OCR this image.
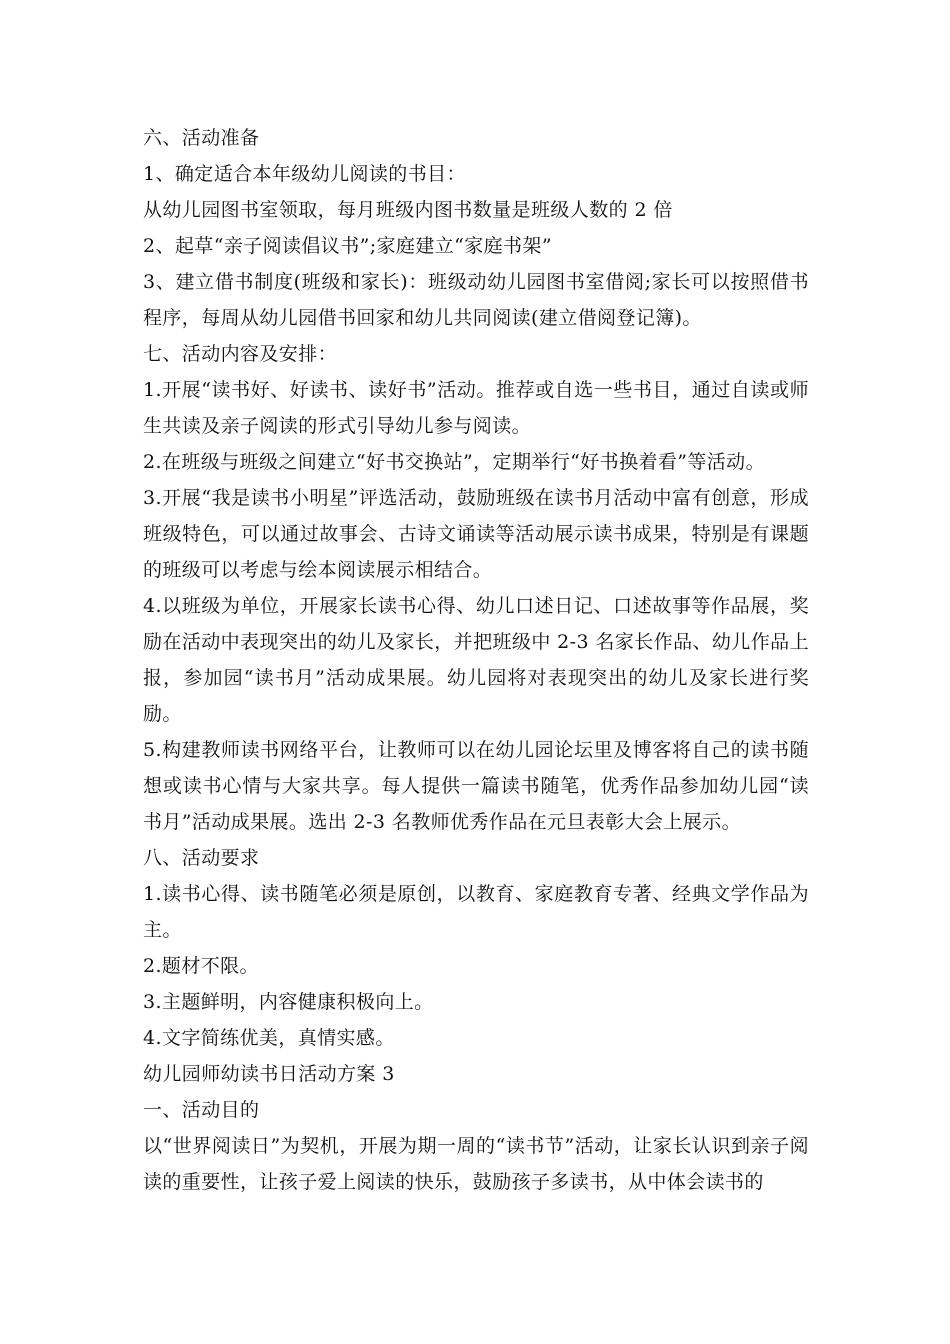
六、活动准备

1、确定适合本年级幼儿阅读的书目：

从幼儿园图书室领取，每月班级内图书数量是班级人数的 2 倍

2、起草“亲子阅读倡议书”;家庭建立“家庭书架”

3、建立借书制度(班级和家长)：班级动幼儿园图书室借阅;家长可以按照借书程序，每周从幼儿园借书回家和幼儿共同阅读(建立借阅登记簿)。

七、活动内容及安排：

1.开展“读书好、好读书、读好书”活动。推荐或自选一些书目，通过自读或师生共读及亲子阅读的形式引导幼儿参与阅读。

2.在班级与班级之间建立“好书交换站”，定期举行“好书换着看”等活动。

3.开展“我是读书小明星”评选活动，鼓励班级在读书月活动中富有创意，形成班级特色，可以通过故事会、古诗文诵读等活动展示读书成果，特别是有课题的班级可以考虑与绘本阅读展示相结合。

4.以班级为单位，开展家长读书心得、幼儿口述日记、口述故事等作品展，奖励在活动中表现突出的幼儿及家长，并把班级中 2-3 名家长作品、幼儿作品上报，参加园“读书月”活动成果展。幼儿园将对表现突出的幼儿及家长进行奖励。

5.构建教师读书网络平台，让教师可以在幼儿园论坛里及博客将自己的读书随想或读书心情与大家共享。每人提供一篇读书随笔，优秀作品参加幼儿园“读书月”活动成果展。选出 2-3 名教师优秀作品在元旦表彰大会上展示。

八、活动要求

1.读书心得、读书随笔必须是原创，以教育、家庭教育专著、经典文学作品为主。

2.题材不限。

3.主题鲜明，内容健康积极向上。

4.文字简练优美，真情实感。

幼儿园师幼读书日活动方案 3

一、活动目的

以“世界阅读日”为契机，开展为期一周的“读书节”活动，让家长认识到亲子阅读的重要性，让孩子爱上阅读的快乐，鼓励孩子多读书，从中体会读书的
